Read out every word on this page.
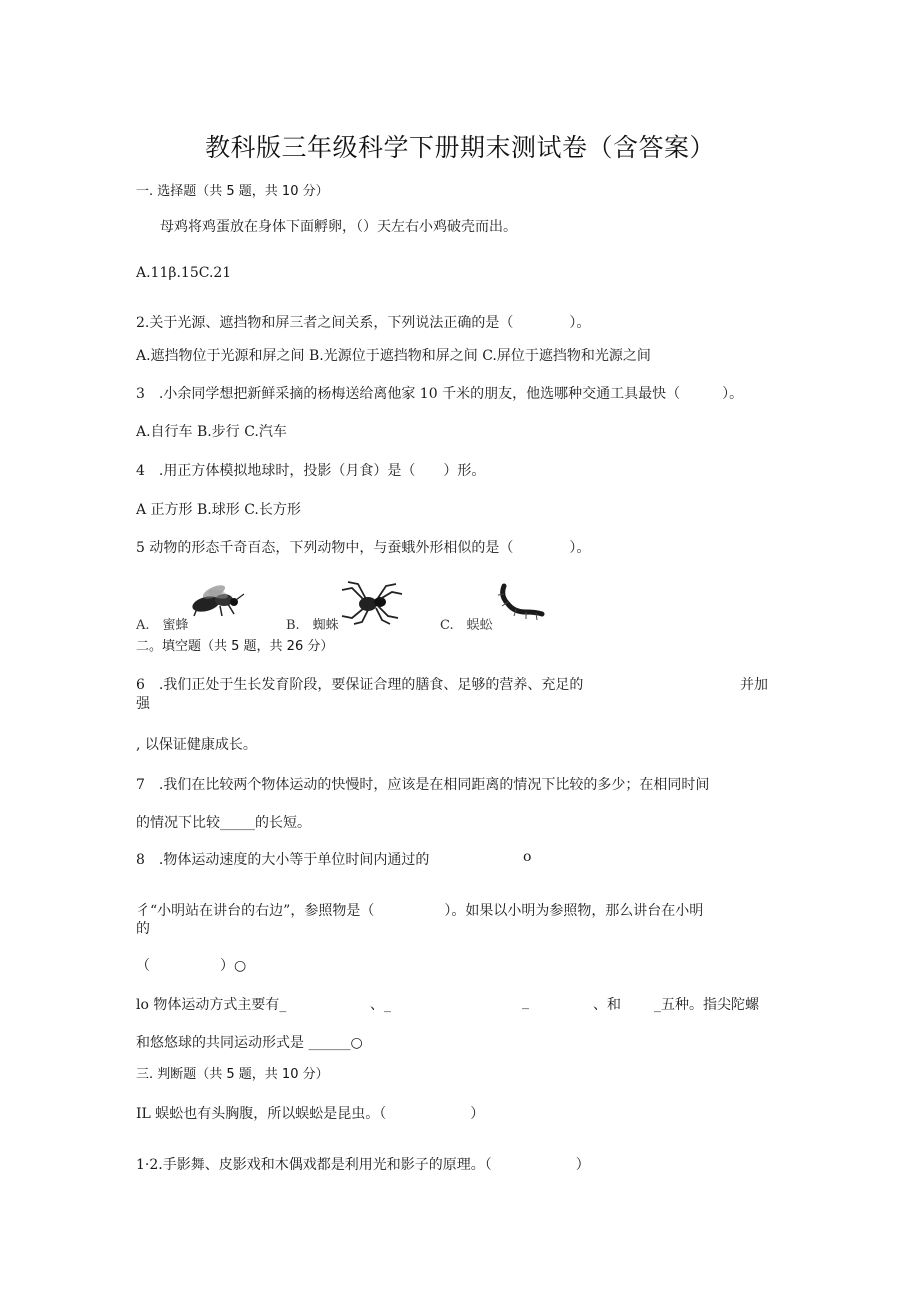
教科版三年级科学下册期末测试卷（含答案）
一. 选择题（共 5 题，共 10 分）
母鸡将鸡蛋放在身体下面孵卵，（）天左右小鸡破壳而出。
A.11β.15C.21
2.关于光源、遮挡物和屏三者之间关系，下列说法正确的是（　　　　）。
A.遮挡物位于光源和屏之间 B.光源位于遮挡物和屏之间 C.屏位于遮挡物和光源之间
3　.小余同学想把新鲜采摘的杨梅送给离他家 10 千米的朋友，他选哪种交通工具最快（　　　）。
A.自行车 B.步行 C.汽车
4　.用正方体模拟地球时，投影（月食）是（　　）形。
A 正方形 B.球形 C.长方形
5 动物的形态千奇百态，下列动物中，与蚕蛾外形相似的是（　　　　）。
A.　蜜蜂	B.　蜘蛛	C.　蜈蚣
二。填空题（共 5 题，共 26 分）
6　.我们正处于生长发育阶段，要保证合理的膳食、足够的营养、充足的	并加
强
, 以保证健康成长。
7　.我们在比较两个物体运动的快慢时，应该是在相同距离的情况下比较的多少；在相同时间
的情况下比较_____的长短。
8　.物体运动速度的大小等于单位时间内通过的	o
彳“小明站在讲台的右边”，参照物是（　　　　　）。如果以小明为参照物，那么讲台在小明
的
（　　　　　）○
lo 物体运动方式主要有_	、_	_	、和 _五种。指尖陀螺
和悠悠球的共同运动形式是 ______○
三. 判断题（共 5 题，共 10 分）
IL 蜈蚣也有头胸腹，所以蜈蚣是昆虫。（　　　　　　）
1·2.手影舞、皮影戏和木偶戏都是利用光和影子的原理。（　　　　　　）
